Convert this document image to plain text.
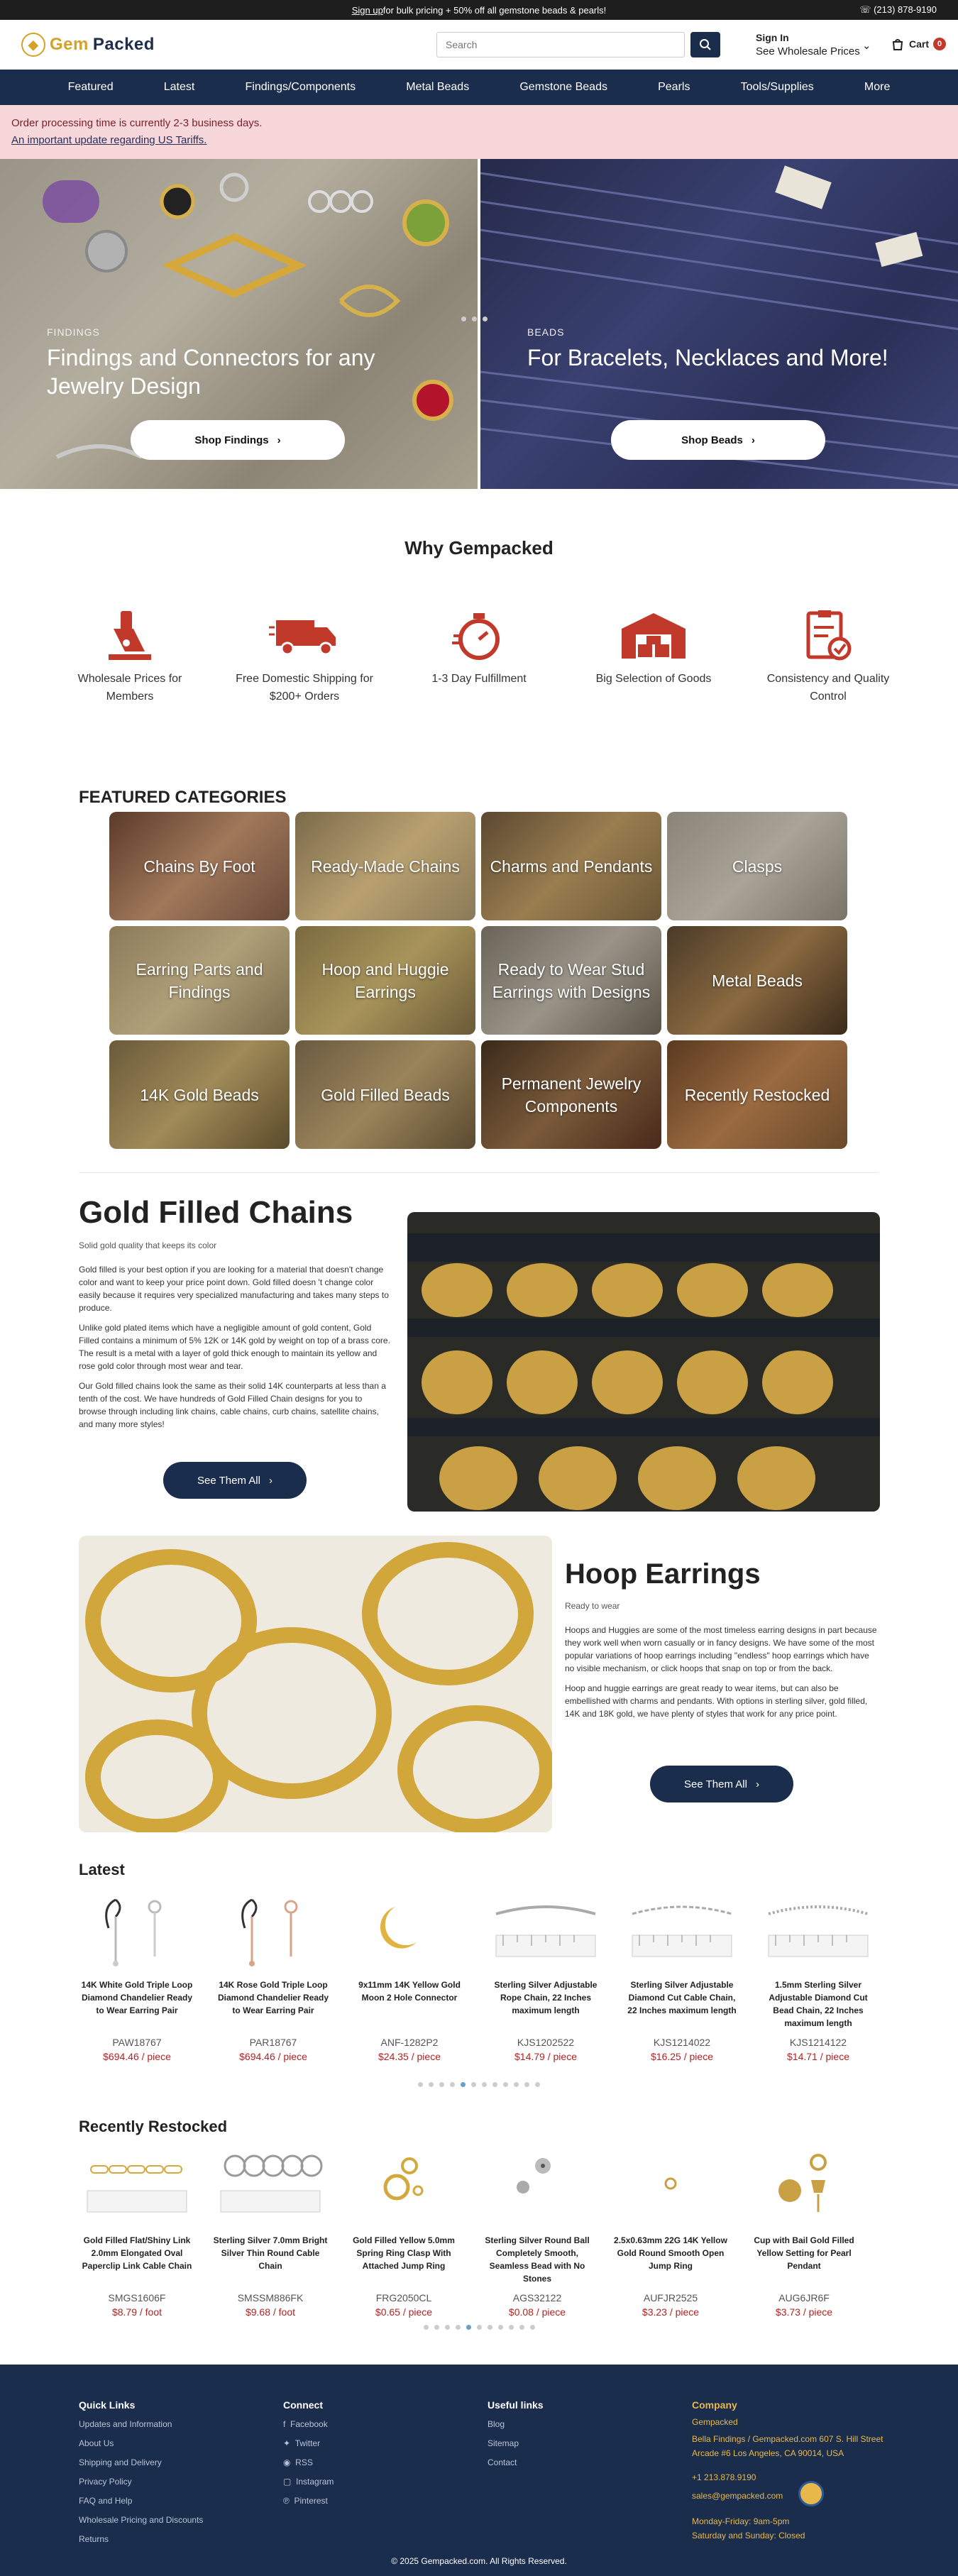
Sign up for bulk pricing + 50% off all gemstone beads & pearls!	☏ (213) 878-9190
◆ Gem Packed
Search	Sign In
See Wholesale Prices ⌄	Cart	0
Featured	Latest	Findings/Components	Metal Beads	Gemstone Beads	Pearls	Tools/Supplies	More
Order processing time is currently 2-3 business days.
An important update regarding US Tariffs.
FINDINGS
Findings and Connectors for any Jewelry Design
Shop Findings ›
BEADS
For Bracelets, Necklaces and More!
Shop Beads ›
Why Gempacked
Wholesale Prices for Members
Free Domestic Shipping for $200+ Orders
1-3 Day Fulfillment	Big Selection of Goods	Consistency and Quality Control
FEATURED CATEGORIES
Chains By Foot	Ready-Made Chains	Charms and Pendants	Clasps
Earring Parts and Findings
Hoop and Huggie Earrings
Ready to Wear Stud Earrings with Designs
Metal Beads
14K Gold Beads	Gold Filled Beads
Permanent Jewelry Components
Recently Restocked
Gold Filled Chains
Solid gold quality that keeps its color

Gold filled is your best option if you are looking for a material that doesn't change color and want to keep your price point down. Gold filled doesn 't change color easily because it requires very specialized manufacturing and takes many steps to produce.

Unlike gold plated items which have a negligible amount of gold content, Gold Filled contains a minimum of 5% 12K or 14K gold by weight on top of a brass core. The result is a metal with a layer of gold thick enough to maintain its yellow and rose gold color through most wear and tear.

Our Gold filled chains look the same as their solid 14K counterparts at less than a tenth of the cost. We have hundreds of Gold Filled Chain designs for you to browse through including link chains, cable chains, curb chains, satellite chains, and many more styles!

See Them All ›
Hoop Earrings
Ready to wear

Hoops and Huggies are some of the most timeless earring designs in part because they work well when worn casually or in fancy designs. We have some of the most popular variations of hoop earrings including "endless" hoop earrings which have no visible mechanism, or click hoops that snap on top or from the back.

Hoop and huggie earrings are great ready to wear items, but can also be embellished with charms and pendants. With options in sterling silver, gold filled, 14K and 18K gold, we have plenty of styles that work for any price point.

See Them All ›
Latest
14K White Gold Triple Loop Diamond Chandelier Ready to Wear Earring Pair
PAW18767
$694.46 / piece
14K Rose Gold Triple Loop Diamond Chandelier Ready to Wear Earring Pair
PAR18767
$694.46 / piece
9x11mm 14K Yellow Gold Moon 2 Hole Connector
ANF-1282P2
$24.35 / piece
Sterling Silver Adjustable Rope Chain, 22 Inches maximum length
KJS1202522
$14.79 / piece
Sterling Silver Adjustable Diamond Cut Cable Chain, 22 Inches maximum length
KJS1214022
$16.25 / piece
1.5mm Sterling Silver Adjustable Diamond Cut Bead Chain, 22 Inches maximum length
KJS1214122
$14.71 / piece
Recently Restocked
Gold Filled Flat/Shiny Link 2.0mm Elongated Oval Paperclip Link Cable Chain
SMGS1606F
$8.79 / foot
Sterling Silver 7.0mm Bright Silver Thin Round Cable Chain
SMSSM886FK
$9.68 / foot
Gold Filled Yellow 5.0mm Spring Ring Clasp With Attached Jump Ring
FRG2050CL
$0.65 / piece
Sterling Silver Round Ball Completely Smooth, Seamless Bead with No Stones
AGS32122
$0.08 / piece
2.5x0.63mm 22G 14K Yellow Gold Round Smooth Open Jump Ring
AUFJR2525
$3.23 / piece
Cup with Bail Gold Filled Yellow Setting for Pearl Pendant
AUG6JR6F
$3.73 / piece
Quick Links
Updates and Information
About Us
Shipping and Delivery
Privacy Policy
FAQ and Help
Wholesale Pricing and Discounts
Returns
Connect
f Facebook
✦ Twitter
◉ RSS
▢ Instagram
℗ Pinterest
Useful links
Blog
Sitemap
Contact
Company
Gempacked
Bella Findings / Gempacked.com 607 S. Hill Street Arcade #6 Los Angeles, CA 90014, USA
+1 213.878.9190
sales@gempacked.com
Monday-Friday: 9am-5pm
Saturday and Sunday: Closed
© 2025 Gempacked.com. All Rights Reserved.
